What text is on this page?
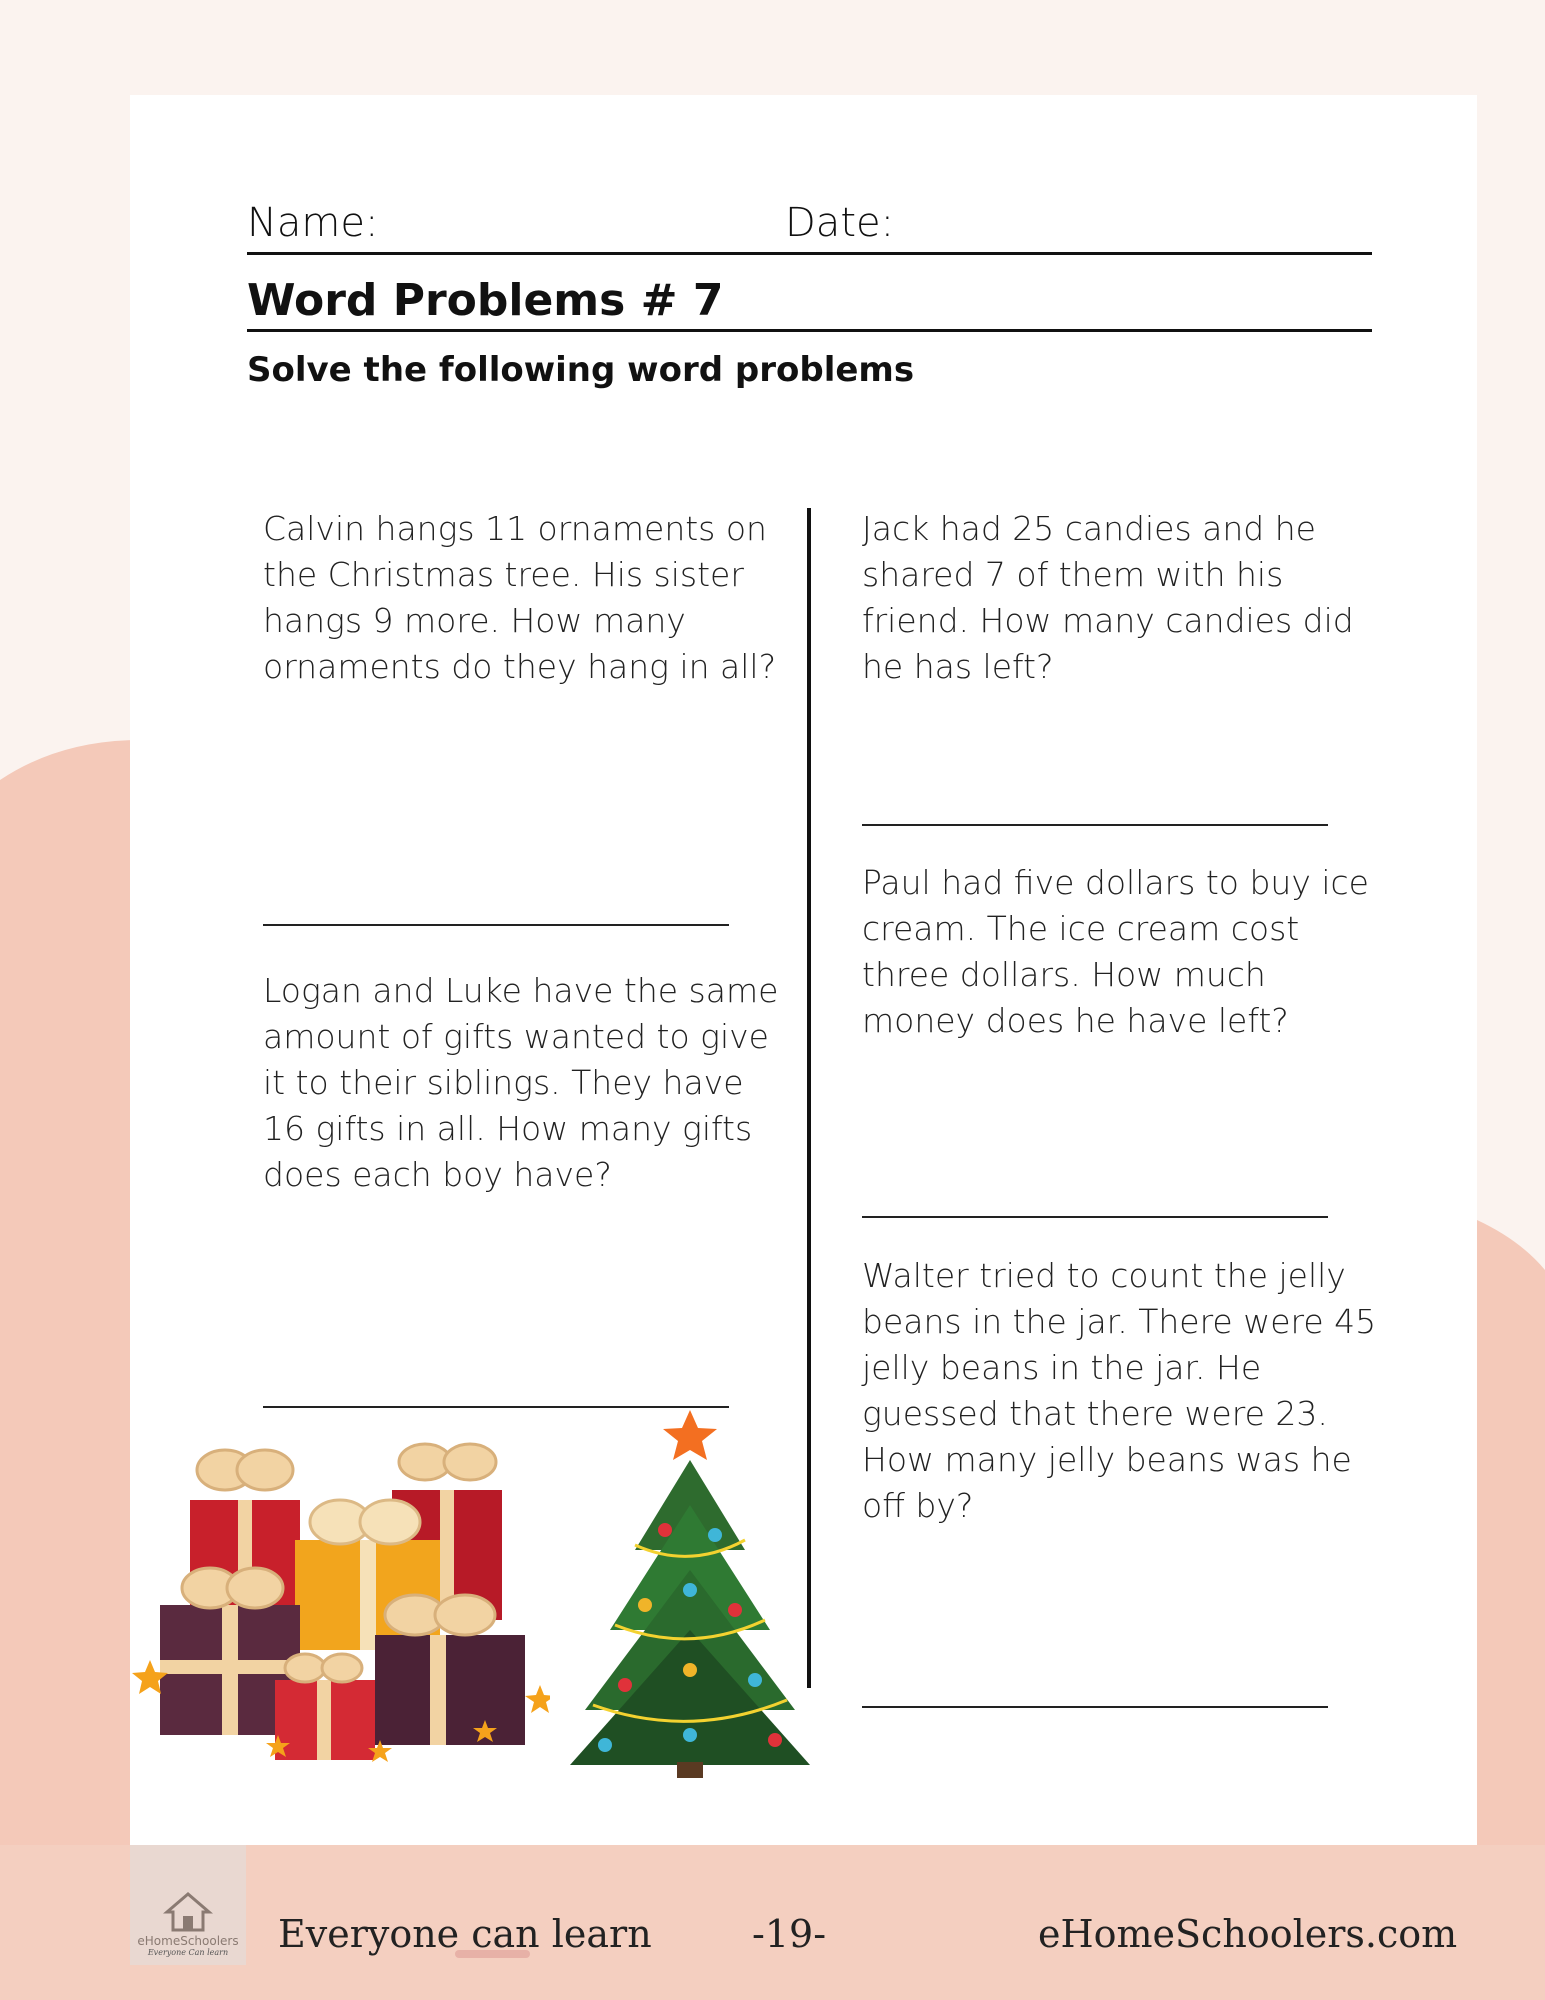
Name:	Date:
Word Problems # 7
Solve the following word problems
Calvin hangs 11 ornaments on the Christmas tree. His sister hangs 9 more. How many ornaments do they hang in all?
Logan and Luke have the same amount of gifts wanted to give it to their siblings. They have 16 gifts in all. How many gifts does each boy have?
Jack had 25 candies and he shared 7 of them with his friend. How many candies did he has left?
Paul had five dollars to buy ice cream. The ice cream cost three dollars. How much money does he have left?
Walter tried to count the jelly beans in the jar. There were 45 jelly beans in the jar. He guessed that there were 23. How many jelly beans was he off by?
eHomeSchoolers
Everyone Can learn Everyone can learn	-19-	eHomeSchoolers.com
